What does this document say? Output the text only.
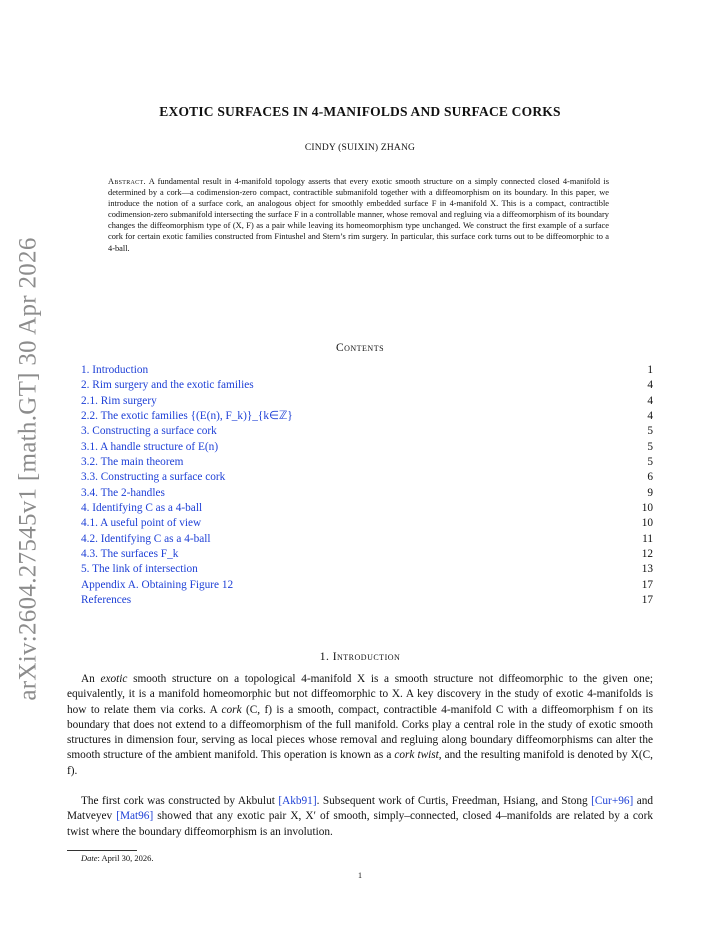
arXiv:2604.27545v1 [math.GT] 30 Apr 2026
EXOTIC SURFACES IN 4-MANIFOLDS AND SURFACE CORKS
CINDY (SUIXIN) ZHANG

Abstract. A fundamental result in 4-manifold topology asserts that every exotic smooth structure on a simply connected closed 4-manifold is determined by a cork—a codimension-zero compact, contractible submanifold together with a diffeomorphism on its boundary. In this paper, we introduce the notion of a surface cork, an analogous object for smoothly embedded surface F in 4-manifold X. This is a compact, contractible codimension-zero submanifold intersecting the surface F in a controllable manner, whose removal and regluing via a diffeomorphism of its boundary changes the diffeomorphism type of (X, F) as a pair while leaving its homeomorphism type unchanged. We construct the first example of a surface cork for certain exotic families constructed from Fintushel and Stern’s rim surgery. In particular, this surface cork turns out to be diffeomorphic to a 4-ball.

Contents
1. Introduction	1
2. Rim surgery and the exotic families	4
2.1. Rim surgery	4
2.2. The exotic families {(E(n), F_k)}_{k∈ℤ}	4
3. Constructing a surface cork	5
3.1. A handle structure of E(n)	5
3.2. The main theorem	5
3.3. Constructing a surface cork	6
3.4. The 2-handles	9
4. Identifying C as a 4-ball	10
4.1. A useful point of view	10
4.2. Identifying C as a 4-ball	11
4.3. The surfaces F_k	12
5. The link of intersection	13
Appendix A. Obtaining Figure 12	17
References	17
1. Introduction

An exotic smooth structure on a topological 4-manifold X is a smooth structure not diffeomorphic to the given one; equivalently, it is a manifold homeomorphic but not diffeomorphic to X. A key discovery in the study of exotic 4-manifolds is how to relate them via corks. A cork (C, f) is a smooth, compact, contractible 4-manifold C with a diffeomorphism f on its boundary that does not extend to a diffeomorphism of the full manifold. Corks play a central role in the study of exotic smooth structures in dimension four, serving as local pieces whose removal and regluing along boundary diffeomorphisms can alter the smooth structure of the ambient manifold. This operation is known as a cork twist, and the resulting manifold is denoted by X(C, f).

The first cork was constructed by Akbulut [Akb91]. Subsequent work of Curtis, Freedman, Hsiang, and Stong [Cur+96] and Matveyev [Mat96] showed that any exotic pair X, X′ of smooth, simply–connected, closed 4–manifolds are related by a cork twist where the boundary diffeomorphism is an involution.

Date: April 30, 2026.
1
